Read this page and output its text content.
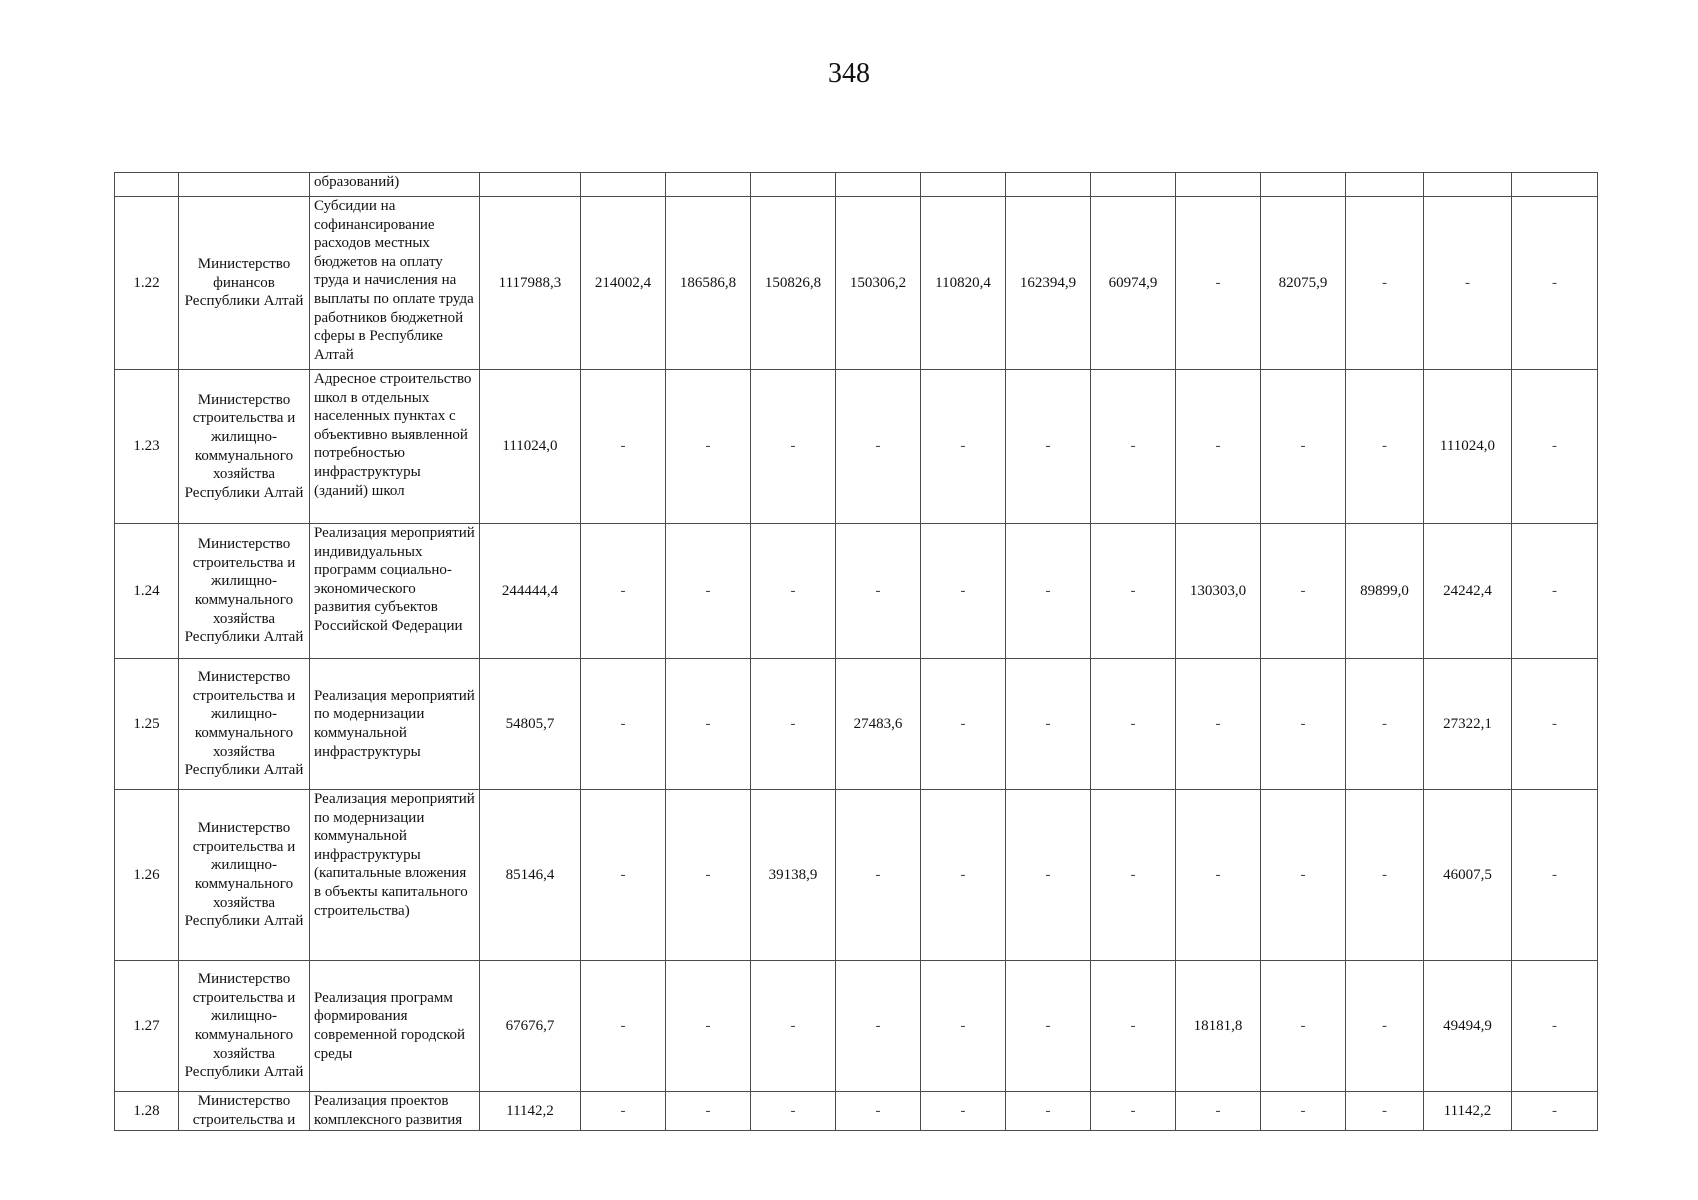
348
		образований)													
1.22	Министерство финансов Республики Алтай	Субсидии на софинансирование расходов местных бюджетов на оплату труда и начисления на выплаты по оплате труда работников бюджетной сферы в Республике Алтай	1117988,3	214002,4	186586,8	150826,8	150306,2	110820,4	162394,9	60974,9	-	82075,9	-	-	-
1.23	Министерство строительства и жилищно-коммунального хозяйства Республики Алтай	Адресное строительство школ в отдельных населенных пунктах с объективно выявленной потребностью инфраструктуры (зданий) школ	111024,0	-	-	-	-	-	-	-	-	-	-	111024,0	-
1.24	Министерство строительства и жилищно-коммунального хозяйства Республики Алтай	Реализация мероприятий индивидуальных программ социально-экономического развития субъектов Российской Федерации	244444,4	-	-	-	-	-	-	-	130303,0	-	89899,0	24242,4	-
1.25	Министерство строительства и жилищно-коммунального хозяйства Республики Алтай	Реализация мероприятий по модернизации коммунальной инфраструктуры	54805,7	-	-	-	27483,6	-	-	-	-	-	-	27322,1	-
1.26	Министерство строительства и жилищно-коммунального хозяйства Республики Алтай	Реализация мероприятий по модернизации коммунальной инфраструктуры (капитальные вложения в объекты капитального строительства)	85146,4	-	-	39138,9	-	-	-	-	-	-	-	46007,5	-
1.27	Министерство строительства и жилищно-коммунального хозяйства Республики Алтай	Реализация программ формирования современной городской среды	67676,7	-	-	-	-	-	-	-	18181,8	-	-	49494,9	-
1.28	Министерство строительства и	Реализация проектов комплексного развития	11142,2	-	-	-	-	-	-	-	-	-	-	11142,2	-
